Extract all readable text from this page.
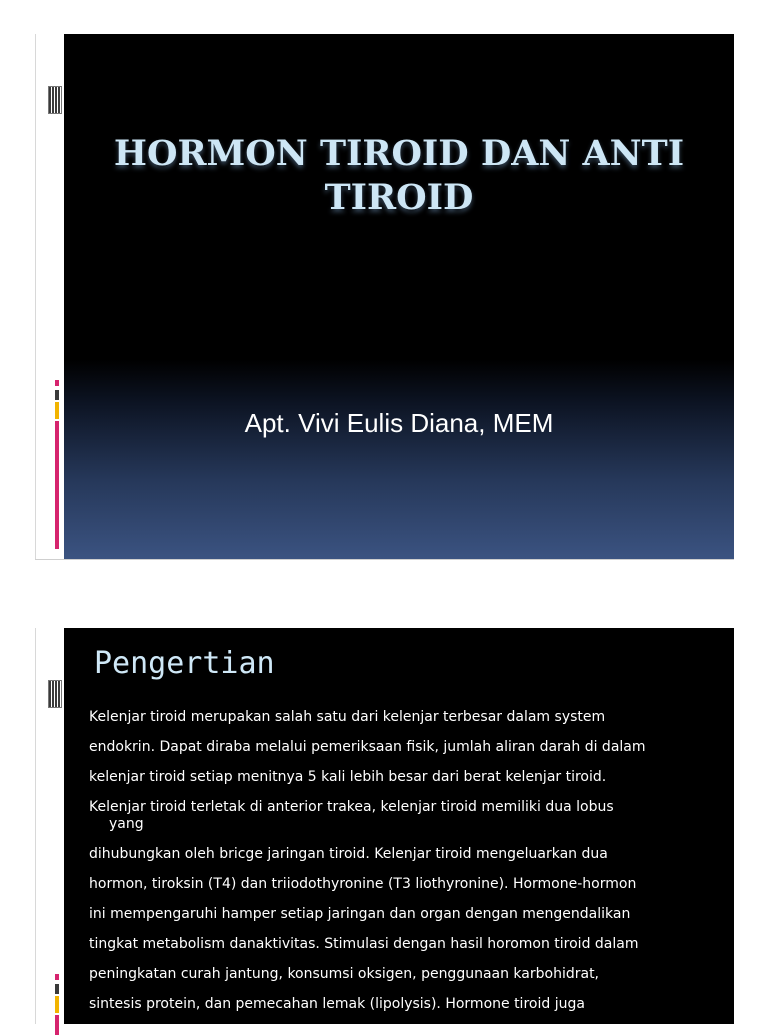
HORMON TIROID DAN ANTI
TIROID
Apt. Vivi Eulis Diana, MEM
Pengertian

Kelenjar tiroid merupakan salah satu dari kelenjar terbesar dalam system

endokrin. Dapat diraba melalui pemeriksaan fisik, jumlah aliran darah di dalam

kelenjar tiroid setiap menitnya 5 kali lebih besar dari berat kelenjar tiroid.

Kelenjar tiroid terletak di anterior trakea, kelenjar tiroid memiliki dua lobus
yang

dihubungkan oleh bricge jaringan tiroid. Kelenjar tiroid mengeluarkan dua

hormon, tiroksin (T4) dan triiodothyronine (T3 liothyronine). Hormone-hormon

ini mempengaruhi hamper setiap jaringan dan organ dengan mengendalikan

tingkat metabolism danaktivitas. Stimulasi dengan hasil horomon tiroid dalam

peningkatan curah jantung, konsumsi oksigen, penggunaan karbohidrat,

sintesis protein, dan pemecahan lemak (lipolysis). Hormone tiroid juga
